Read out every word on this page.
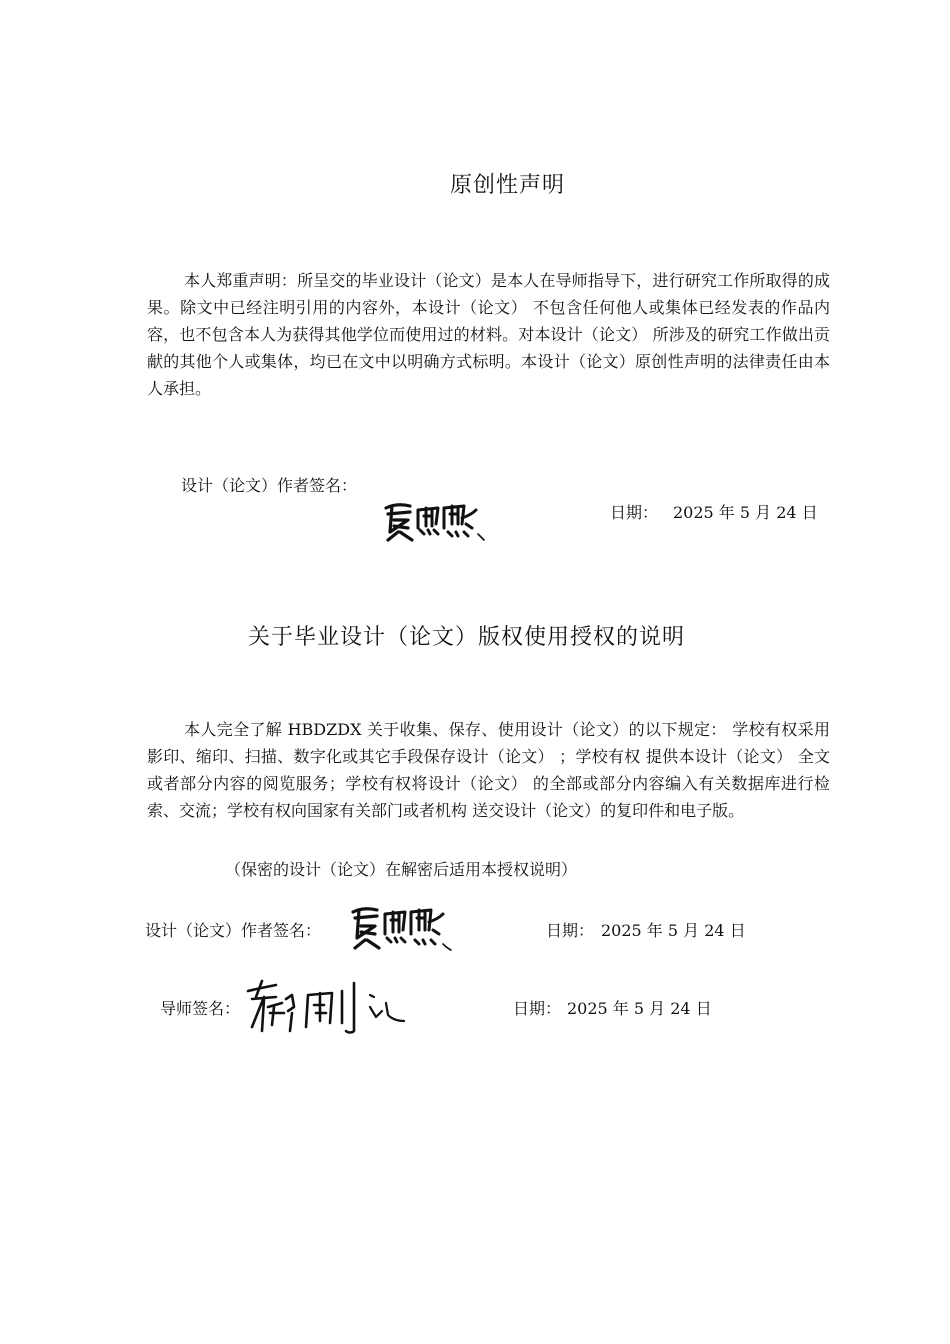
原创性声明
本人郑重声明：所呈交的毕业设计（论文）是本人在导师指导下，进行研究工作所取得的成果。除文中已经注明引用的内容外，本设计（论文） 不包含任何他人或集体已经发表的作品内容，也不包含本人为获得其他学位而使用过的材料。对本设计（论文） 所涉及的研究工作做出贡献的其他个人或集体，均已在文中以明确方式标明。本设计（论文）原创性声明的法律责任由本人承担。
设计（论文）作者签名：
日期： 2025 年 5 月 24 日
关于毕业设计（论文）版权使用授权的说明
本人完全了解 HBDZDX 关于收集、保存、使用设计（论文）的以下规定： 学校有权采用影印、缩印、扫描、数字化或其它手段保存设计（论文） ；学校有权 提供本设计（论文） 全文或者部分内容的阅览服务；学校有权将设计（论文） 的全部或部分内容编入有关数据库进行检索、交流；学校有权向国家有关部门或者机构 送交设计（论文）的复印件和电子版。
（保密的设计（论文）在解密后适用本授权说明）
设计（论文）作者签名：	日期： 2025 年 5 月 24 日
导师签名：	日期： 2025 年 5 月 24 日
